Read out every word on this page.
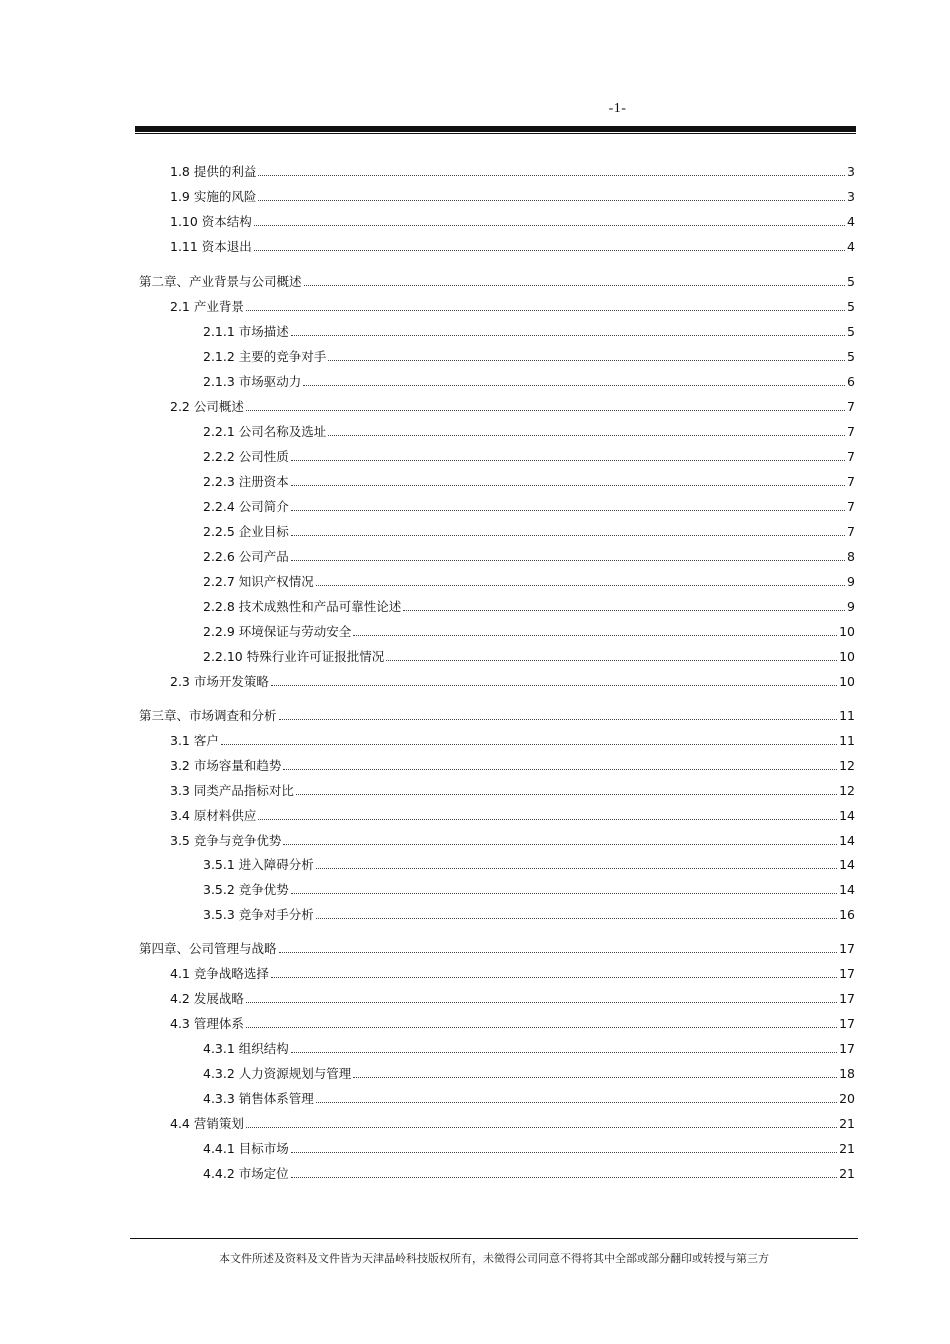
-1-
1.8 提供的利益	3
1.9 实施的风险	3
1.10 资本结构	4
1.11 资本退出	4
第二章、产业背景与公司概述	5
2.1 产业背景	5
2.1.1 市场描述	5
2.1.2 主要的竞争对手	5
2.1.3 市场驱动力	6
2.2 公司概述	7
2.2.1 公司名称及选址	7
2.2.2 公司性质	7
2.2.3 注册资本	7
2.2.4 公司简介	7
2.2.5 企业目标	7
2.2.6 公司产品	8
2.2.7 知识产权情况	9
2.2.8 技术成熟性和产品可靠性论述	9
2.2.9 环境保证与劳动安全	10
2.2.10 特殊行业许可证报批情况	10
2.3 市场开发策略	10
第三章、市场调查和分析	11
3.1 客户	11
3.2 市场容量和趋势	12
3.3 同类产品指标对比	12
3.4 原材料供应	14
3.5 竞争与竞争优势	14
3.5.1 进入障碍分析	14
3.5.2 竞争优势	14
3.5.3 竞争对手分析	16
第四章、公司管理与战略	17
4.1 竞争战略选择	17
4.2 发展战略	17
4.3 管理体系	17
4.3.1 组织结构	17
4.3.2 人力资源规划与管理	18
4.3.3 销售体系管理	20
4.4 营销策划	21
4.4.1 目标市场	21
4.4.2 市场定位	21
本文件所述及资料及文件皆为天津晶岭科技版权所有，未徵得公司同意不得将其中全部或部分翻印或转授与第三方
